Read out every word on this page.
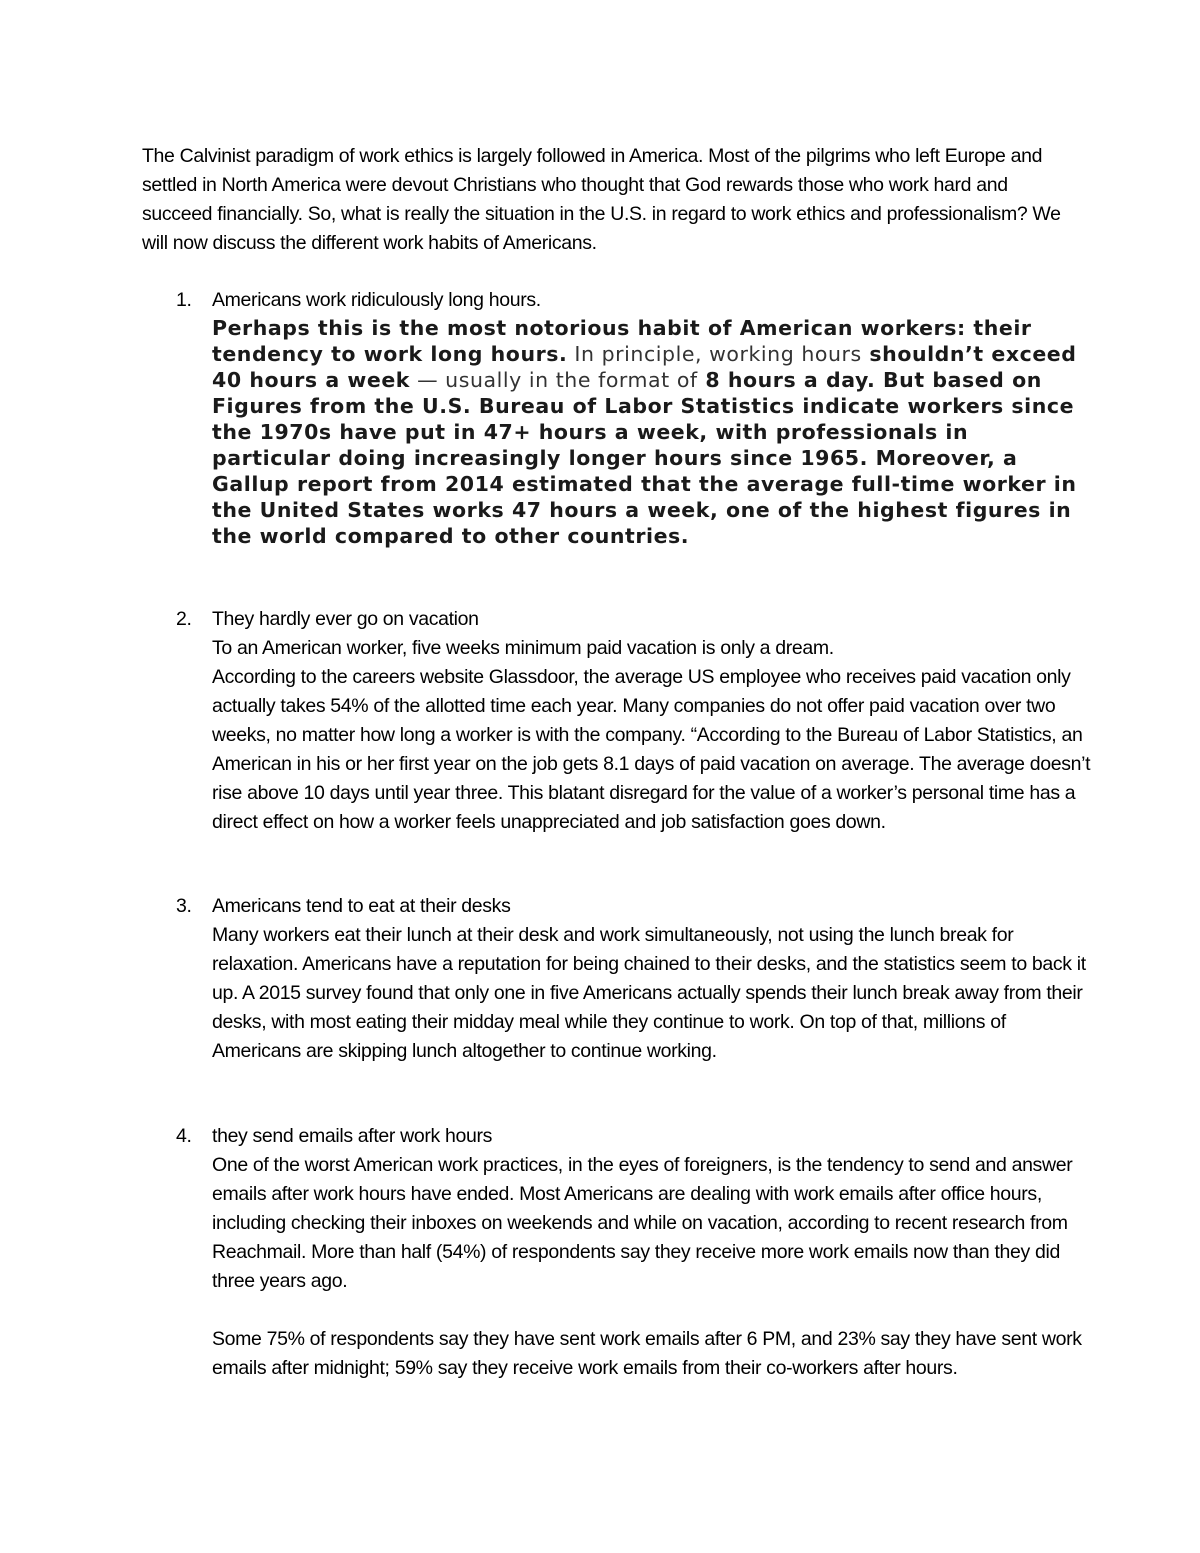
The Calvinist paradigm of work ethics is largely followed in America. Most of the pilgrims who left Europe and settled in North America were devout Christians who thought that God rewards those who work hard and succeed financially. So, what is really the situation in the U.S. in regard to work ethics and professionalism? We will now discuss the different work habits of Americans.

1.	Americans work ridiculously long hours.

Perhaps this is the most notorious habit of American workers: their tendency to work long hours. In principle, working hours shouldn’t exceed 40 hours a week — usually in the format of 8 hours a day. But based on Figures from the U.S. Bureau of Labor Statistics indicate workers since the 1970s have put in 47+ hours a week, with professionals in particular doing increasingly longer hours since 1965. Moreover, a Gallup report from 2014 estimated that the average full-time worker in the United States works 47 hours a week, one of the highest figures in the world compared to other countries.

2.	They hardly ever go on vacation

To an American worker, five weeks minimum paid vacation is only a dream.

According to the careers website Glassdoor, the average US employee who receives paid vacation only actually takes 54% of the allotted time each year. Many companies do not offer paid vacation over two weeks, no matter how long a worker is with the company. “According to the Bureau of Labor Statistics, an American in his or her first year on the job gets 8.1 days of paid vacation on average. The average doesn’t rise above 10 days until year three. This blatant disregard for the value of a worker’s personal time has a direct effect on how a worker feels unappreciated and job satisfaction goes down.

3.	Americans tend to eat at their desks

Many workers eat their lunch at their desk and work simultaneously, not using the lunch break for relaxation. Americans have a reputation for being chained to their desks, and the statistics seem to back it up. A 2015 survey found that only one in five Americans actually spends their lunch break away from their desks, with most eating their midday meal while they continue to work. On top of that, millions of Americans are skipping lunch altogether to continue working.

4.	they send emails after work hours

One of the worst American work practices, in the eyes of foreigners, is the tendency to send and answer emails after work hours have ended. Most Americans are dealing with work emails after office hours, including checking their inboxes on weekends and while on vacation, according to recent research from Reachmail. More than half (54%) of respondents say they receive more work emails now than they did three years ago.

Some 75% of respondents say they have sent work emails after 6 PM, and 23% say they have sent work emails after midnight; 59% say they receive work emails from their co-workers after hours.
